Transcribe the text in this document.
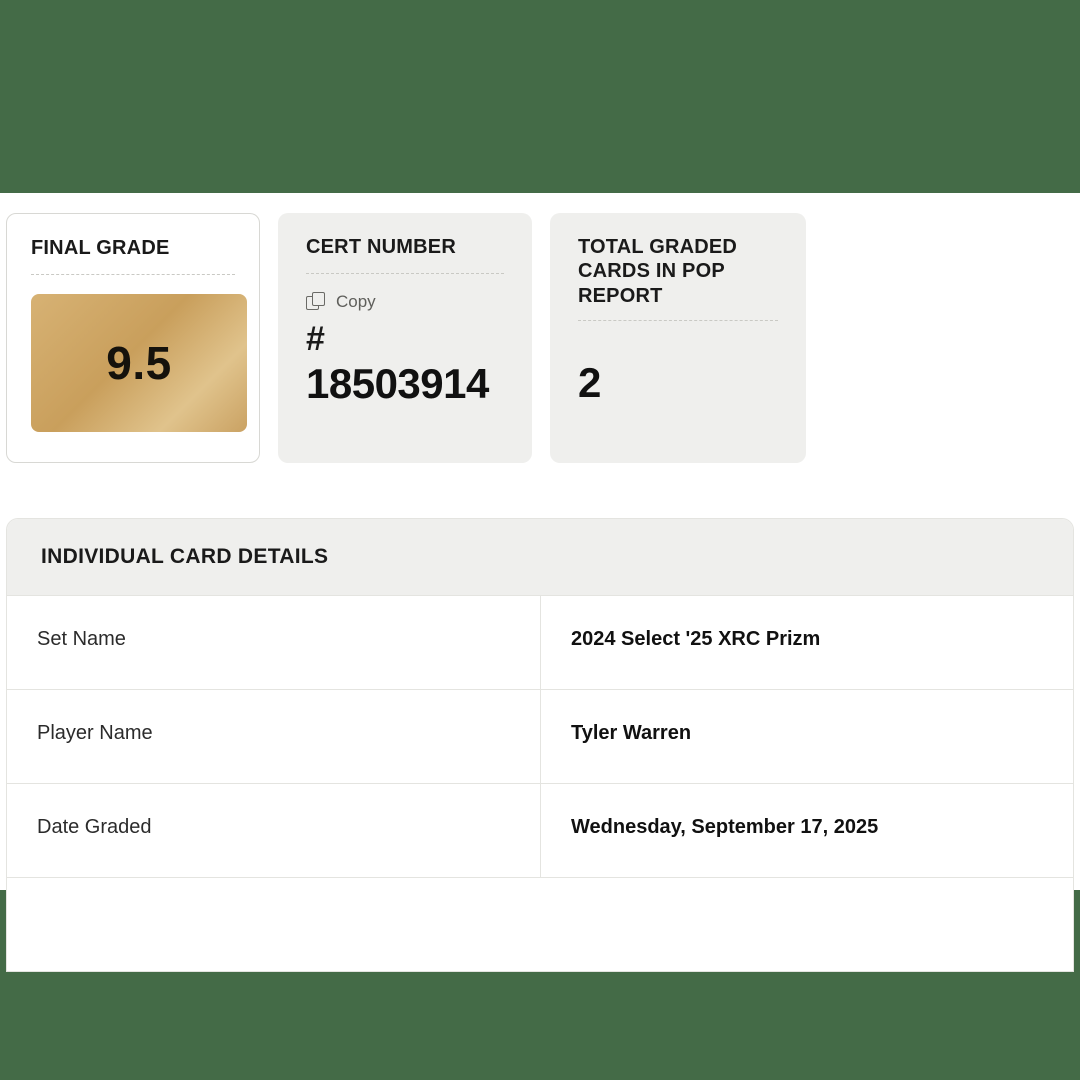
FINAL GRADE
9.5
CERT NUMBER
Copy
#
18503914
TOTAL GRADED CARDS IN POP REPORT
2
INDIVIDUAL CARD DETAILS
Set Name	2024 Select '25 XRC Prizm
Player Name	Tyler Warren
Date Graded	Wednesday, September 17, 2025
